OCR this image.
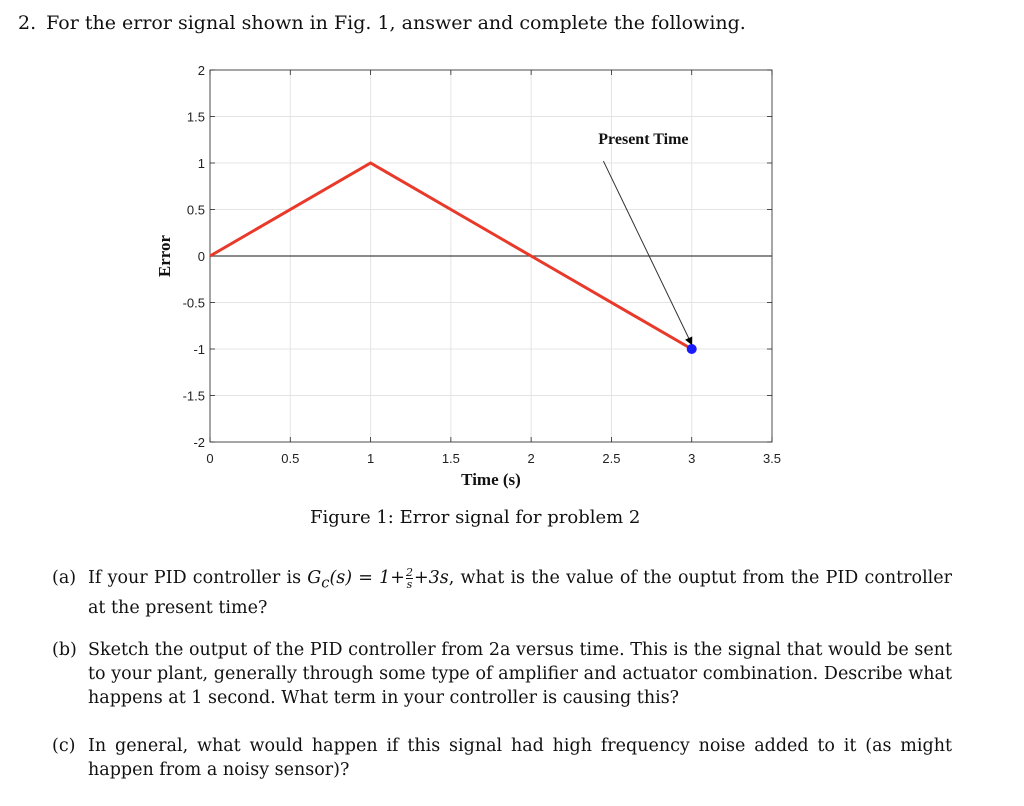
2. For the error signal shown in Fig. 1, answer and complete the following.
Present Time
0	0.5	1	1.5	2	2.5	3	3.5
2
1.5
1
0.5
0
-0.5
-1
-1.5
-2
Time (s)
Error
Figure 1: Error signal for problem 2
(a) If your PID controller is $G_c(s) = 1+ \frac{2}{s} +3s$, what is the value of the ouptut from the PID controller at the present time?
(b) Sketch the output of the PID controller from 2a versus time. This is the signal that would be sent to your plant, generally through some type of amplifier and actuator combination. Describe what happens at 1 second. What term in your controller is causing this?
(c) In general, what would happen if this signal had high frequency noise added to it (as might happen from a noisy sensor)?
